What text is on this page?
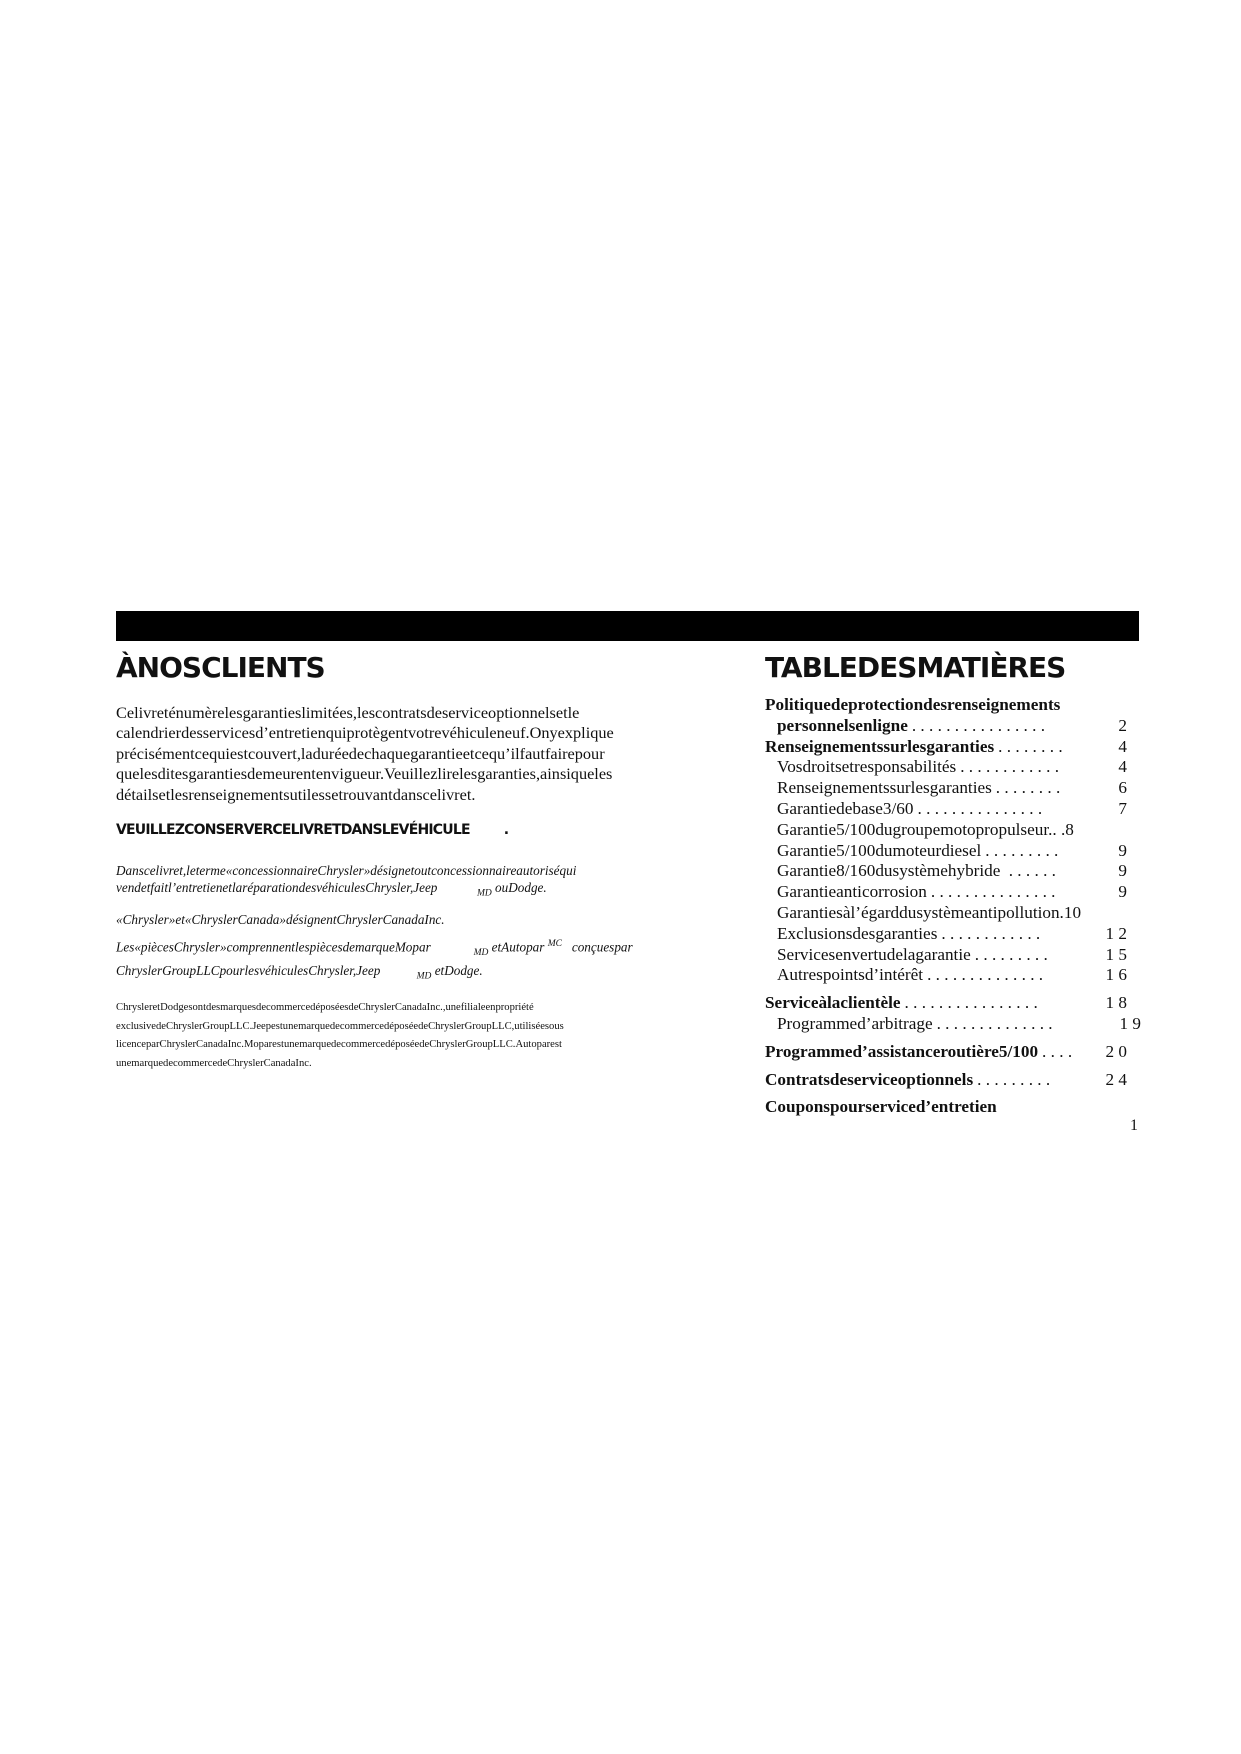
ÀNOSCLIENTS	TABLEDESMATIÈRES

Celivreténumèrelesgarantieslimitées,lescontratsdeserviceoptionnelsetle

calendrierdesservicesd’entretienquiprotègentvotrevéhiculeneuf.Onyexplique

précisémentcequiestcouvert,laduréedechaquegarantieetcequ’ilfautfairepour

quelesditesgarantiesdemeurentenvigueur.Veuillezlirelesgaranties,ainsiqueles

détailsetlesrenseignementsutilessetrouvantdanscelivret.

VEUILLEZCONSERVERCELIVRETDANSLEVÉHICULE .

Danscelivret,leterme«concessionnaireChrysler»désignetoutconcessionnaireautoriséqui

vendetfaitl’entretienetlaréparationdesvéhiculesChrysler,Jeep	$_{MD}$ ouDodge.

«Chrysler»et«ChryslerCanada»désignentChryslerCanadaInc.

Les«piècesChrysler»comprennentlespiècesdemarqueMopar	$_{MD}$ etAutopar $^{MC}$ conçuespar

ChryslerGroupLLCpourlesvéhiculesChrysler,Jeep	$_{MD}$ etDodge.

ChrysleretDodgesontdesmarquesdecommercedéposéesdeChryslerCanadaInc.,unefilialeenpropriété

exclusivedeChryslerGroupLLC.JeepestunemarquedecommercedéposéedeChryslerGroupLLC,utiliséesous

licenceparChryslerCanadaInc.MoparestunemarquedecommercedéposéedeChryslerGroupLLC.Autoparest

unemarquedecommercedeChryslerCanadaInc.

Politiquedeprotectiondesrenseignements
personnelsenligne . . . . . . . . . . . . . . . .	2
Renseignementssurlesgaranties . . . . . . . .	4
Vosdroitsetresponsabilités . . . . . . . . . . . .	4
Renseignementssurlesgaranties . . . . . . . .	6
Garantiedebase3/60 . . . . . . . . . . . . . . .	7
Garantie5/100dugroupemotopropulseur.. .8
Garantie5/100dumoteurdiesel . . . . . . . . .	9
Garantie8/160dusystèmehybride . . . . . .	9
Garantieanticorrosion . . . . . . . . . . . . . . .	9
Garantiesàl’égarddusystèmeantipollution.10
Exclusionsdesgaranties . . . . . . . . . . . .	1 2
Servicesenvertudelagarantie . . . . . . . . .	1 5
Autrespointsd’intérêt . . . . . . . . . . . . . .	1 6
Serviceàlaclientèle . . . . . . . . . . . . . . . .	1 8
Programmed’arbitrage . . . . . . . . . . . . . .	1 9
Programmed’assistanceroutière5/100 . . . . 2 0
Contratsdeserviceoptionnels . . . . . . . . .	2 4
Couponspourserviced’entretien
1
